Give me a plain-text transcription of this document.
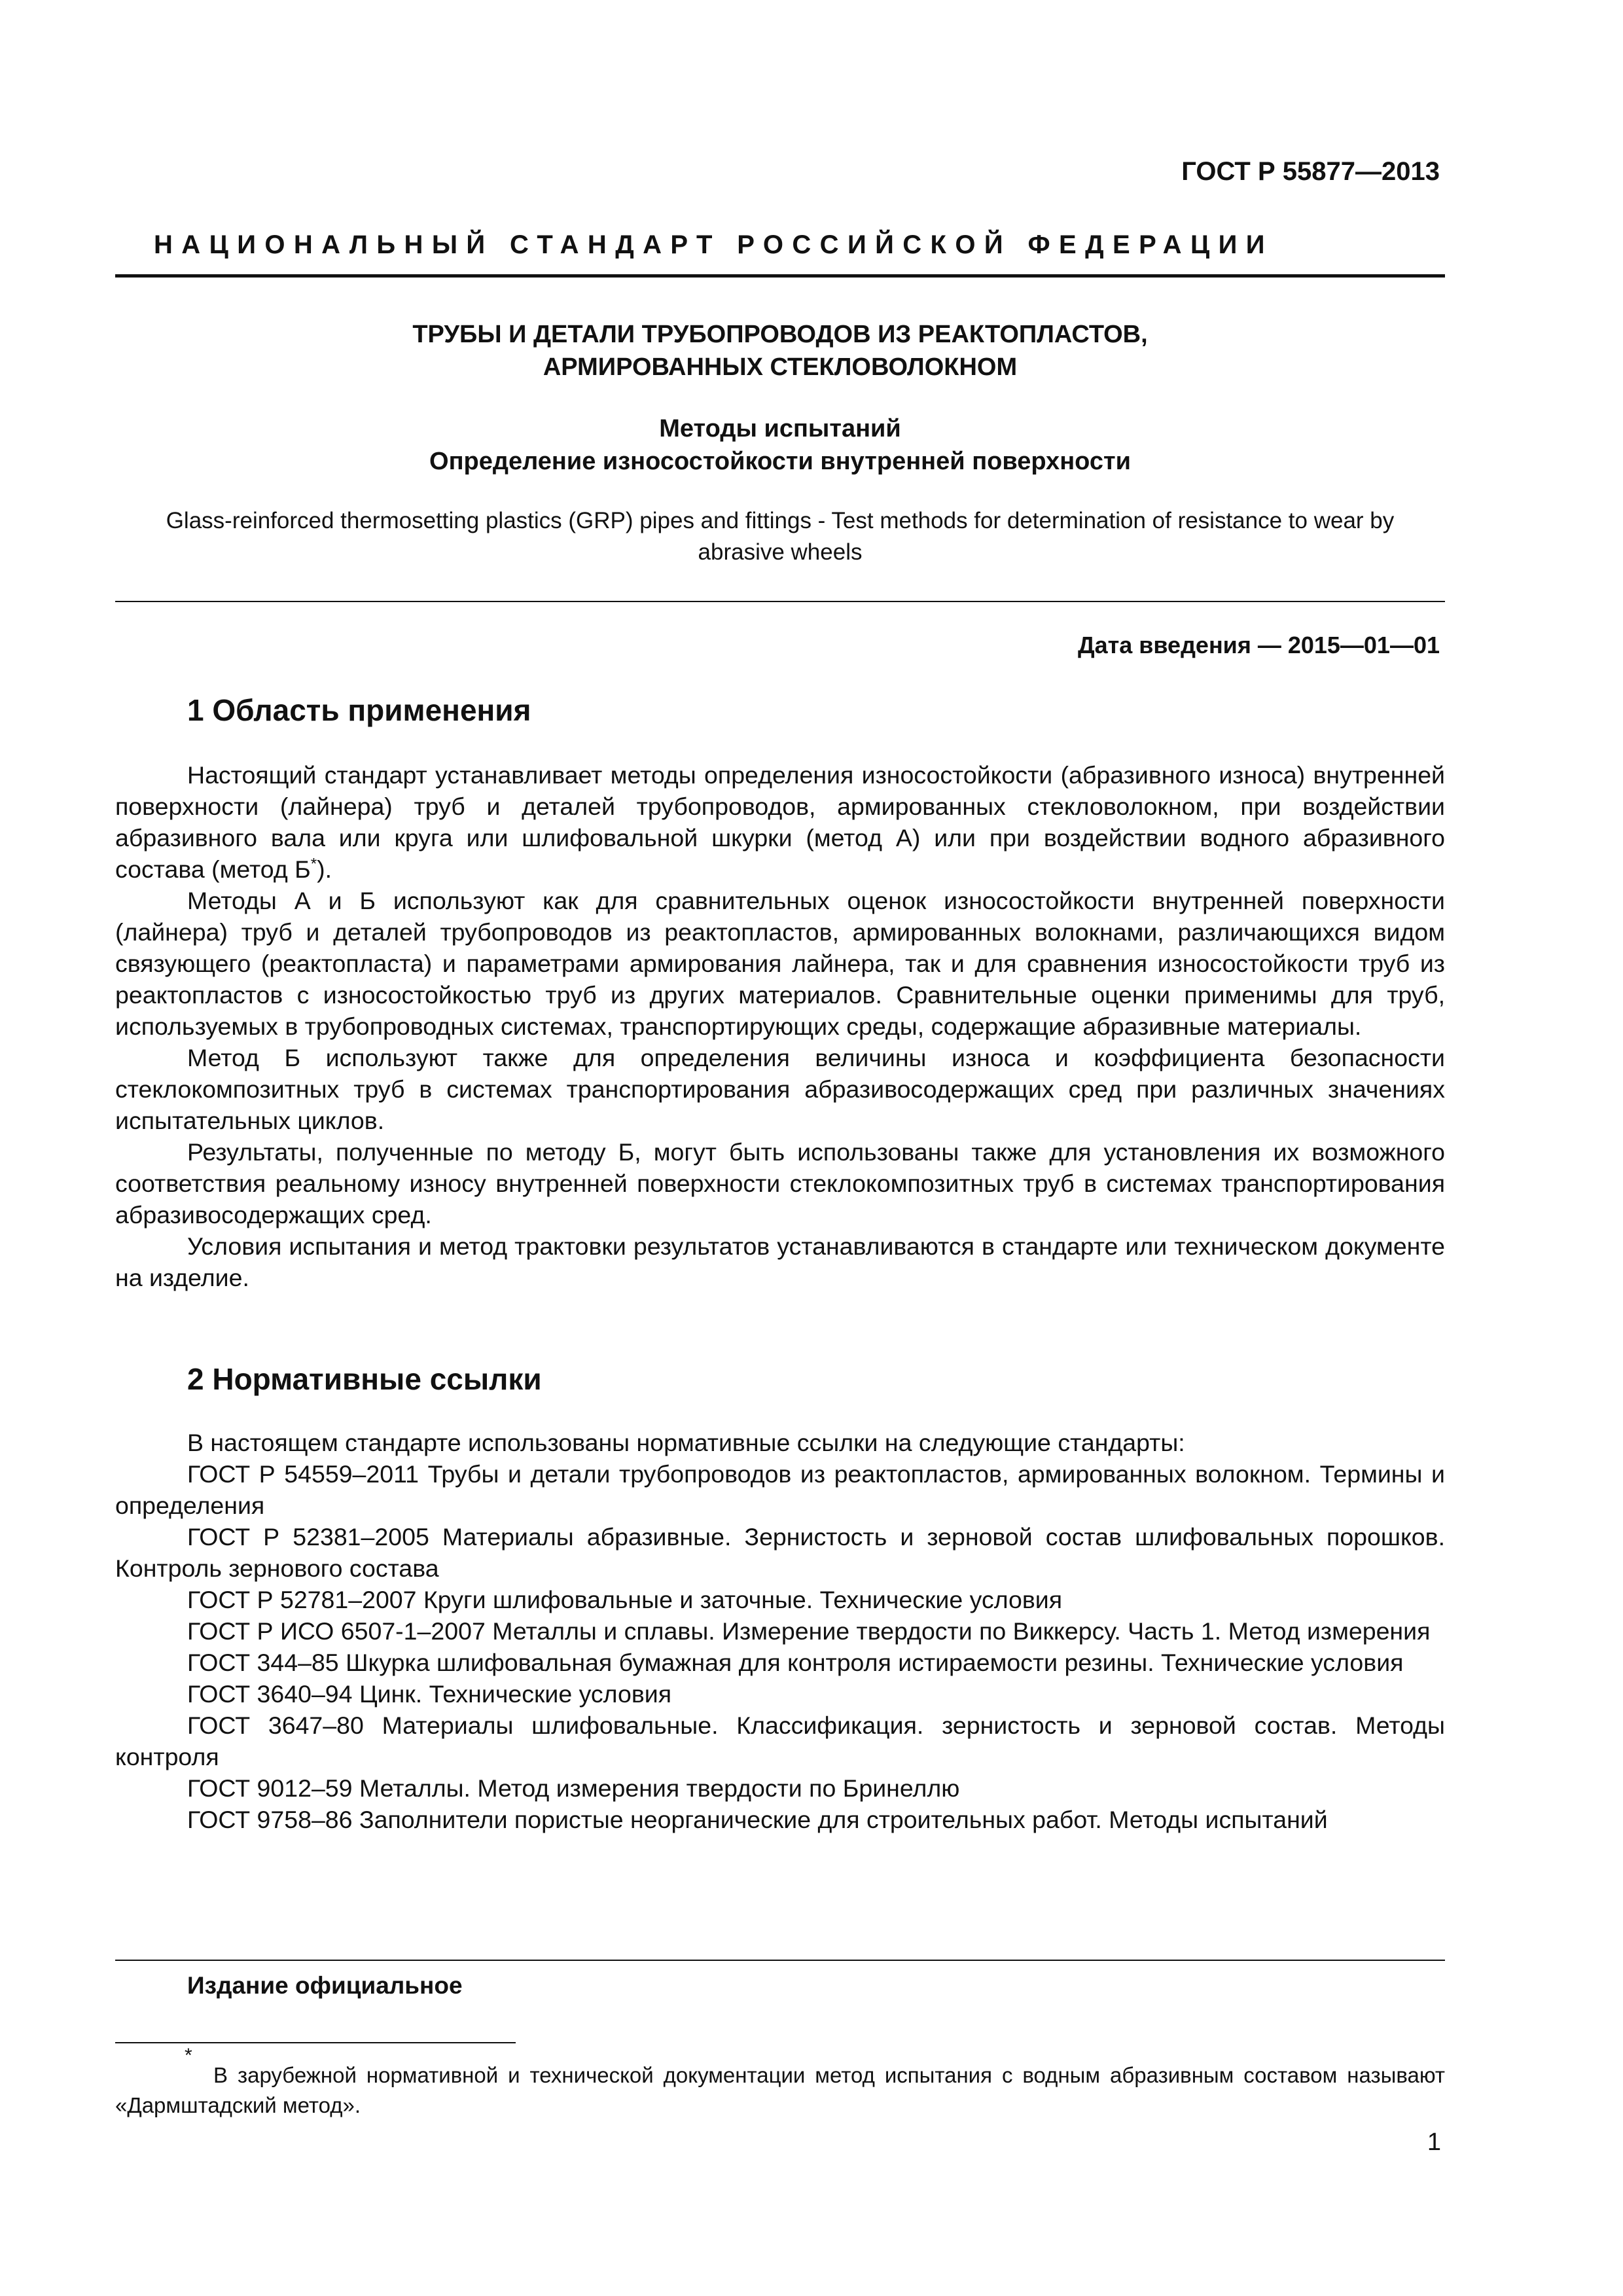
ГОСТ Р 55877—2013
НАЦИОНАЛЬНЫЙ СТАНДАРТ РОССИЙСКОЙ ФЕДЕРАЦИИ
ТРУБЫ И ДЕТАЛИ ТРУБОПРОВОДОВ ИЗ РЕАКТОПЛАСТОВ,
АРМИРОВАННЫХ СТЕКЛОВОЛОКНОМ
Методы испытаний
Определение износостойкости внутренней поверхности
Glass-reinforced thermosetting plastics (GRP) pipes and fittings - Test methods for determination of resistance to wear by abrasive wheels
Дата введения — 2015—01—01
1 Область применения

Настоящий стандарт устанавливает методы определения износостойкости (абразивного износа) внутренней поверхности (лайнера) труб и деталей трубопроводов, армированных стекловолокном, при воздействии абразивного вала или круга или шлифовальной шкурки (метод А) или при воздействии водного абразивного состава (метод Б*).

Методы А и Б используют как для сравнительных оценок износостойкости внутренней поверхности (лайнера) труб и деталей трубопроводов из реактопластов, армированных волокнами, различающихся видом связующего (реактопласта) и параметрами армирования лайнера, так и для сравнения износостойкости труб из реактопластов с износостойкостью труб из других материалов. Сравнительные оценки применимы для труб, используемых в трубопроводных системах, транспортирующих среды, содержащие абразивные материалы.

Метод Б используют также для определения величины износа и коэффициента безопасности стеклокомпозитных труб в системах транспортирования абразивосодержащих сред при различных значениях испытательных циклов.

Результаты, полученные по методу Б, могут быть использованы также для установления их возможного соответствия реальному износу внутренней поверхности стеклокомпозитных труб в системах транспортирования абразивосодержащих сред.

Условия испытания и метод трактовки результатов устанавливаются в стандарте или техническом документе на изделие.

2 Нормативные ссылки

В настоящем стандарте использованы нормативные ссылки на следующие стандарты:

ГОСТ Р 54559–2011 Трубы и детали трубопроводов из реактопластов, армированных волокном. Термины и определения

ГОСТ Р 52381–2005 Материалы абразивные. Зернистость и зерновой состав шлифовальных порошков. Контроль зернового состава

ГОСТ Р 52781–2007 Круги шлифовальные и заточные. Технические условия

ГОСТ Р ИСО 6507-1–2007 Металлы и сплавы. Измерение твердости по Виккерсу. Часть 1. Метод измерения

ГОСТ 344–85 Шкурка шлифовальная бумажная для контроля истираемости резины. Технические условия

ГОСТ 3640–94 Цинк. Технические условия

ГОСТ 3647–80 Материалы шлифовальные. Классификация. зернистость и зерновой состав. Методы контроля

ГОСТ 9012–59 Металлы. Метод измерения твердости по Бринеллю

ГОСТ 9758–86 Заполнители пористые неорганические для строительных работ. Методы испытаний

Издание официальное
*

В зарубежной нормативной и технической документации метод испытания с водным абразивным составом называют «Дармштадский метод».

1
